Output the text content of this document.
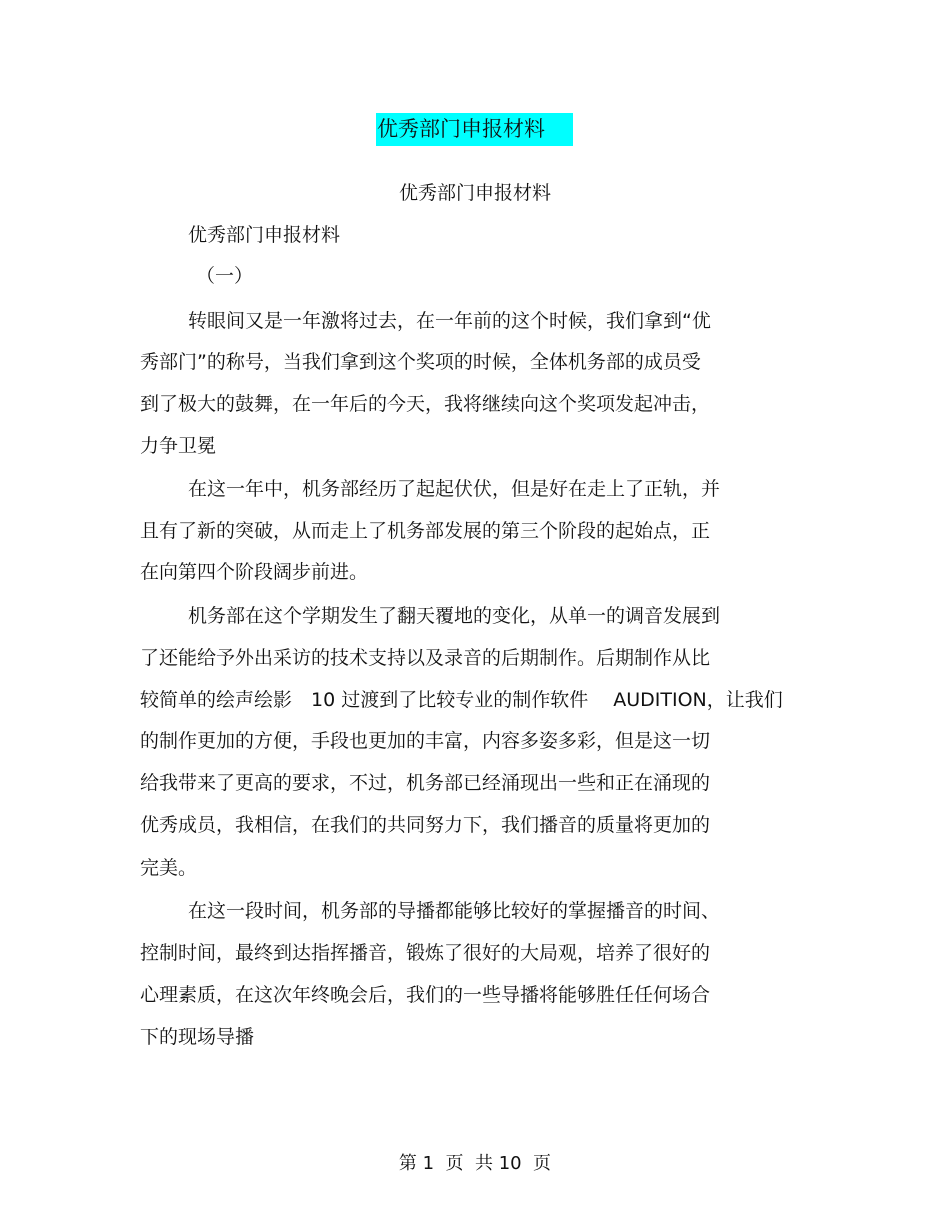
优秀部门申报材料
优秀部门申报材料
优秀部门申报材料
（一）
转眼间又是一年激将过去，在一年前的这个时候，我们拿到“优
秀部门”的称号，当我们拿到这个奖项的时候，全体机务部的成员受
到了极大的鼓舞，在一年后的今天，我将继续向这个奖项发起冲击，
力争卫冕
在这一年中，机务部经历了起起伏伏，但是好在走上了正轨，并
且有了新的突破，从而走上了机务部发展的第三个阶段的起始点，正
在向第四个阶段阔步前进。
机务部在这个学期发生了翻天覆地的变化，从单一的调音发展到
了还能给予外出采访的技术支持以及录音的后期制作。后期制作从比
较简单的绘声绘影　10 过渡到了比较专业的制作软件　 AUDITION，让我们
的制作更加的方便，手段也更加的丰富，内容多姿多彩，但是这一切
给我带来了更高的要求，不过，机务部已经涌现出一些和正在涌现的
优秀成员，我相信，在我们的共同努力下，我们播音的质量将更加的
完美。
在这一段时间，机务部的导播都能够比较好的掌握播音的时间、
控制时间，最终到达指挥播音，锻炼了很好的大局观，培养了很好的
心理素质，在这次年终晚会后，我们的一些导播将能够胜任任何场合
下的现场导播
第 1  页  共 10  页
